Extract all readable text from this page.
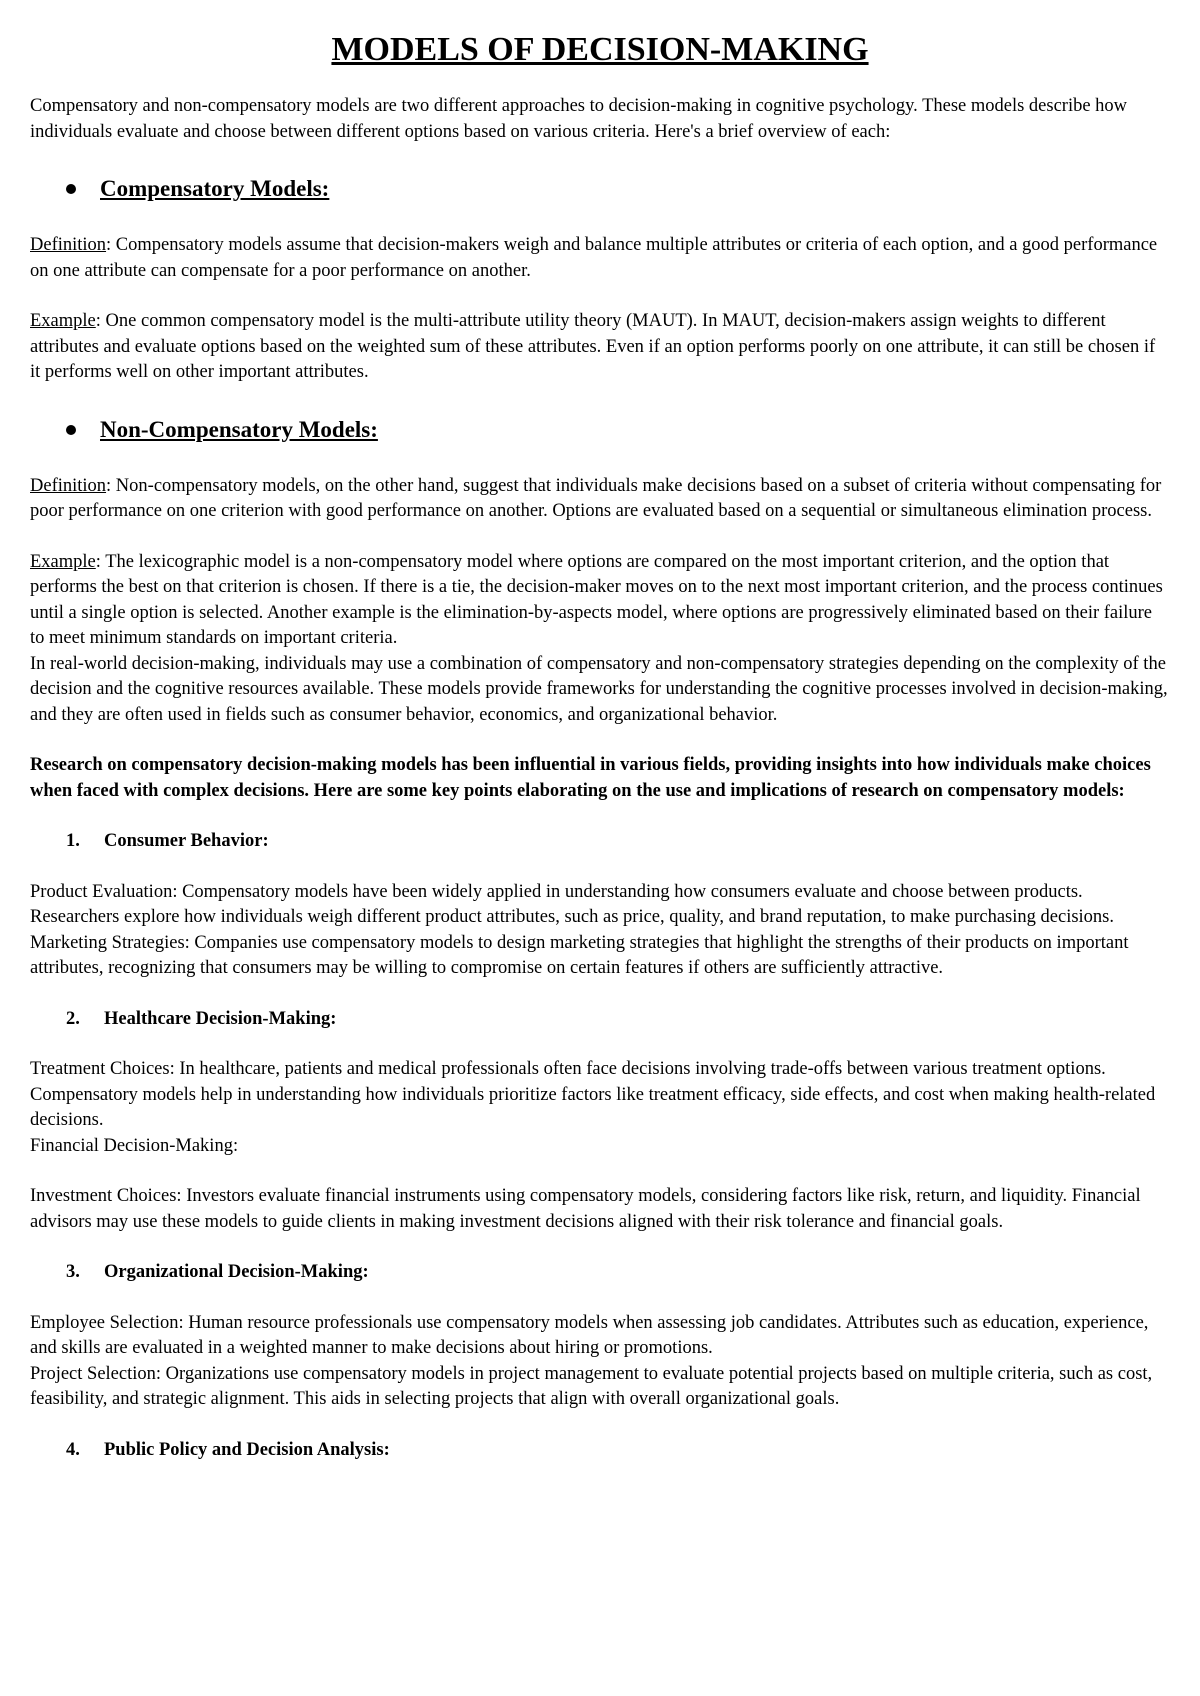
MODELS OF DECISION-MAKING

Compensatory and non-compensatory models are two different approaches to decision-making in cognitive psychology. These models describe how individuals evaluate and choose between different options based on various criteria. Here's a brief overview of each:

Compensatory Models:

Definition: Compensatory models assume that decision-makers weigh and balance multiple attributes or criteria of each option, and a good performance on one attribute can compensate for a poor performance on another.

Example: One common compensatory model is the multi-attribute utility theory (MAUT). In MAUT, decision-makers assign weights to different attributes and evaluate options based on the weighted sum of these attributes. Even if an option performs poorly on one attribute, it can still be chosen if it performs well on other important attributes.

Non-Compensatory Models:

Definition: Non-compensatory models, on the other hand, suggest that individuals make decisions based on a subset of criteria without compensating for poor performance on one criterion with good performance on another. Options are evaluated based on a sequential or simultaneous elimination process.

Example: The lexicographic model is a non-compensatory model where options are compared on the most important criterion, and the option that performs the best on that criterion is chosen. If there is a tie, the decision-maker moves on to the next most important criterion, and the process continues until a single option is selected. Another example is the elimination-by-aspects model, where options are progressively eliminated based on their failure to meet minimum standards on important criteria.

In real-world decision-making, individuals may use a combination of compensatory and non-compensatory strategies depending on the complexity of the decision and the cognitive resources available. These models provide frameworks for understanding the cognitive processes involved in decision-making, and they are often used in fields such as consumer behavior, economics, and organizational behavior.

Research on compensatory decision-making models has been influential in various fields, providing insights into how individuals make choices when faced with complex decisions. Here are some key points elaborating on the use and implications of research on compensatory models:

1.	Consumer Behavior:

Product Evaluation: Compensatory models have been widely applied in understanding how consumers evaluate and choose between products. Researchers explore how individuals weigh different product attributes, such as price, quality, and brand reputation, to make purchasing decisions.

Marketing Strategies: Companies use compensatory models to design marketing strategies that highlight the strengths of their products on important attributes, recognizing that consumers may be willing to compromise on certain features if others are sufficiently attractive.

2.	Healthcare Decision-Making:

Treatment Choices: In healthcare, patients and medical professionals often face decisions involving trade-offs between various treatment options. Compensatory models help in understanding how individuals prioritize factors like treatment efficacy, side effects, and cost when making health-related decisions.

Financial Decision-Making:

Investment Choices: Investors evaluate financial instruments using compensatory models, considering factors like risk, return, and liquidity. Financial advisors may use these models to guide clients in making investment decisions aligned with their risk tolerance and financial goals.

3.	Organizational Decision-Making:

Employee Selection: Human resource professionals use compensatory models when assessing job candidates. Attributes such as education, experience, and skills are evaluated in a weighted manner to make decisions about hiring or promotions.

Project Selection: Organizations use compensatory models in project management to evaluate potential projects based on multiple criteria, such as cost, feasibility, and strategic alignment. This aids in selecting projects that align with overall organizational goals.

4.	Public Policy and Decision Analysis:
